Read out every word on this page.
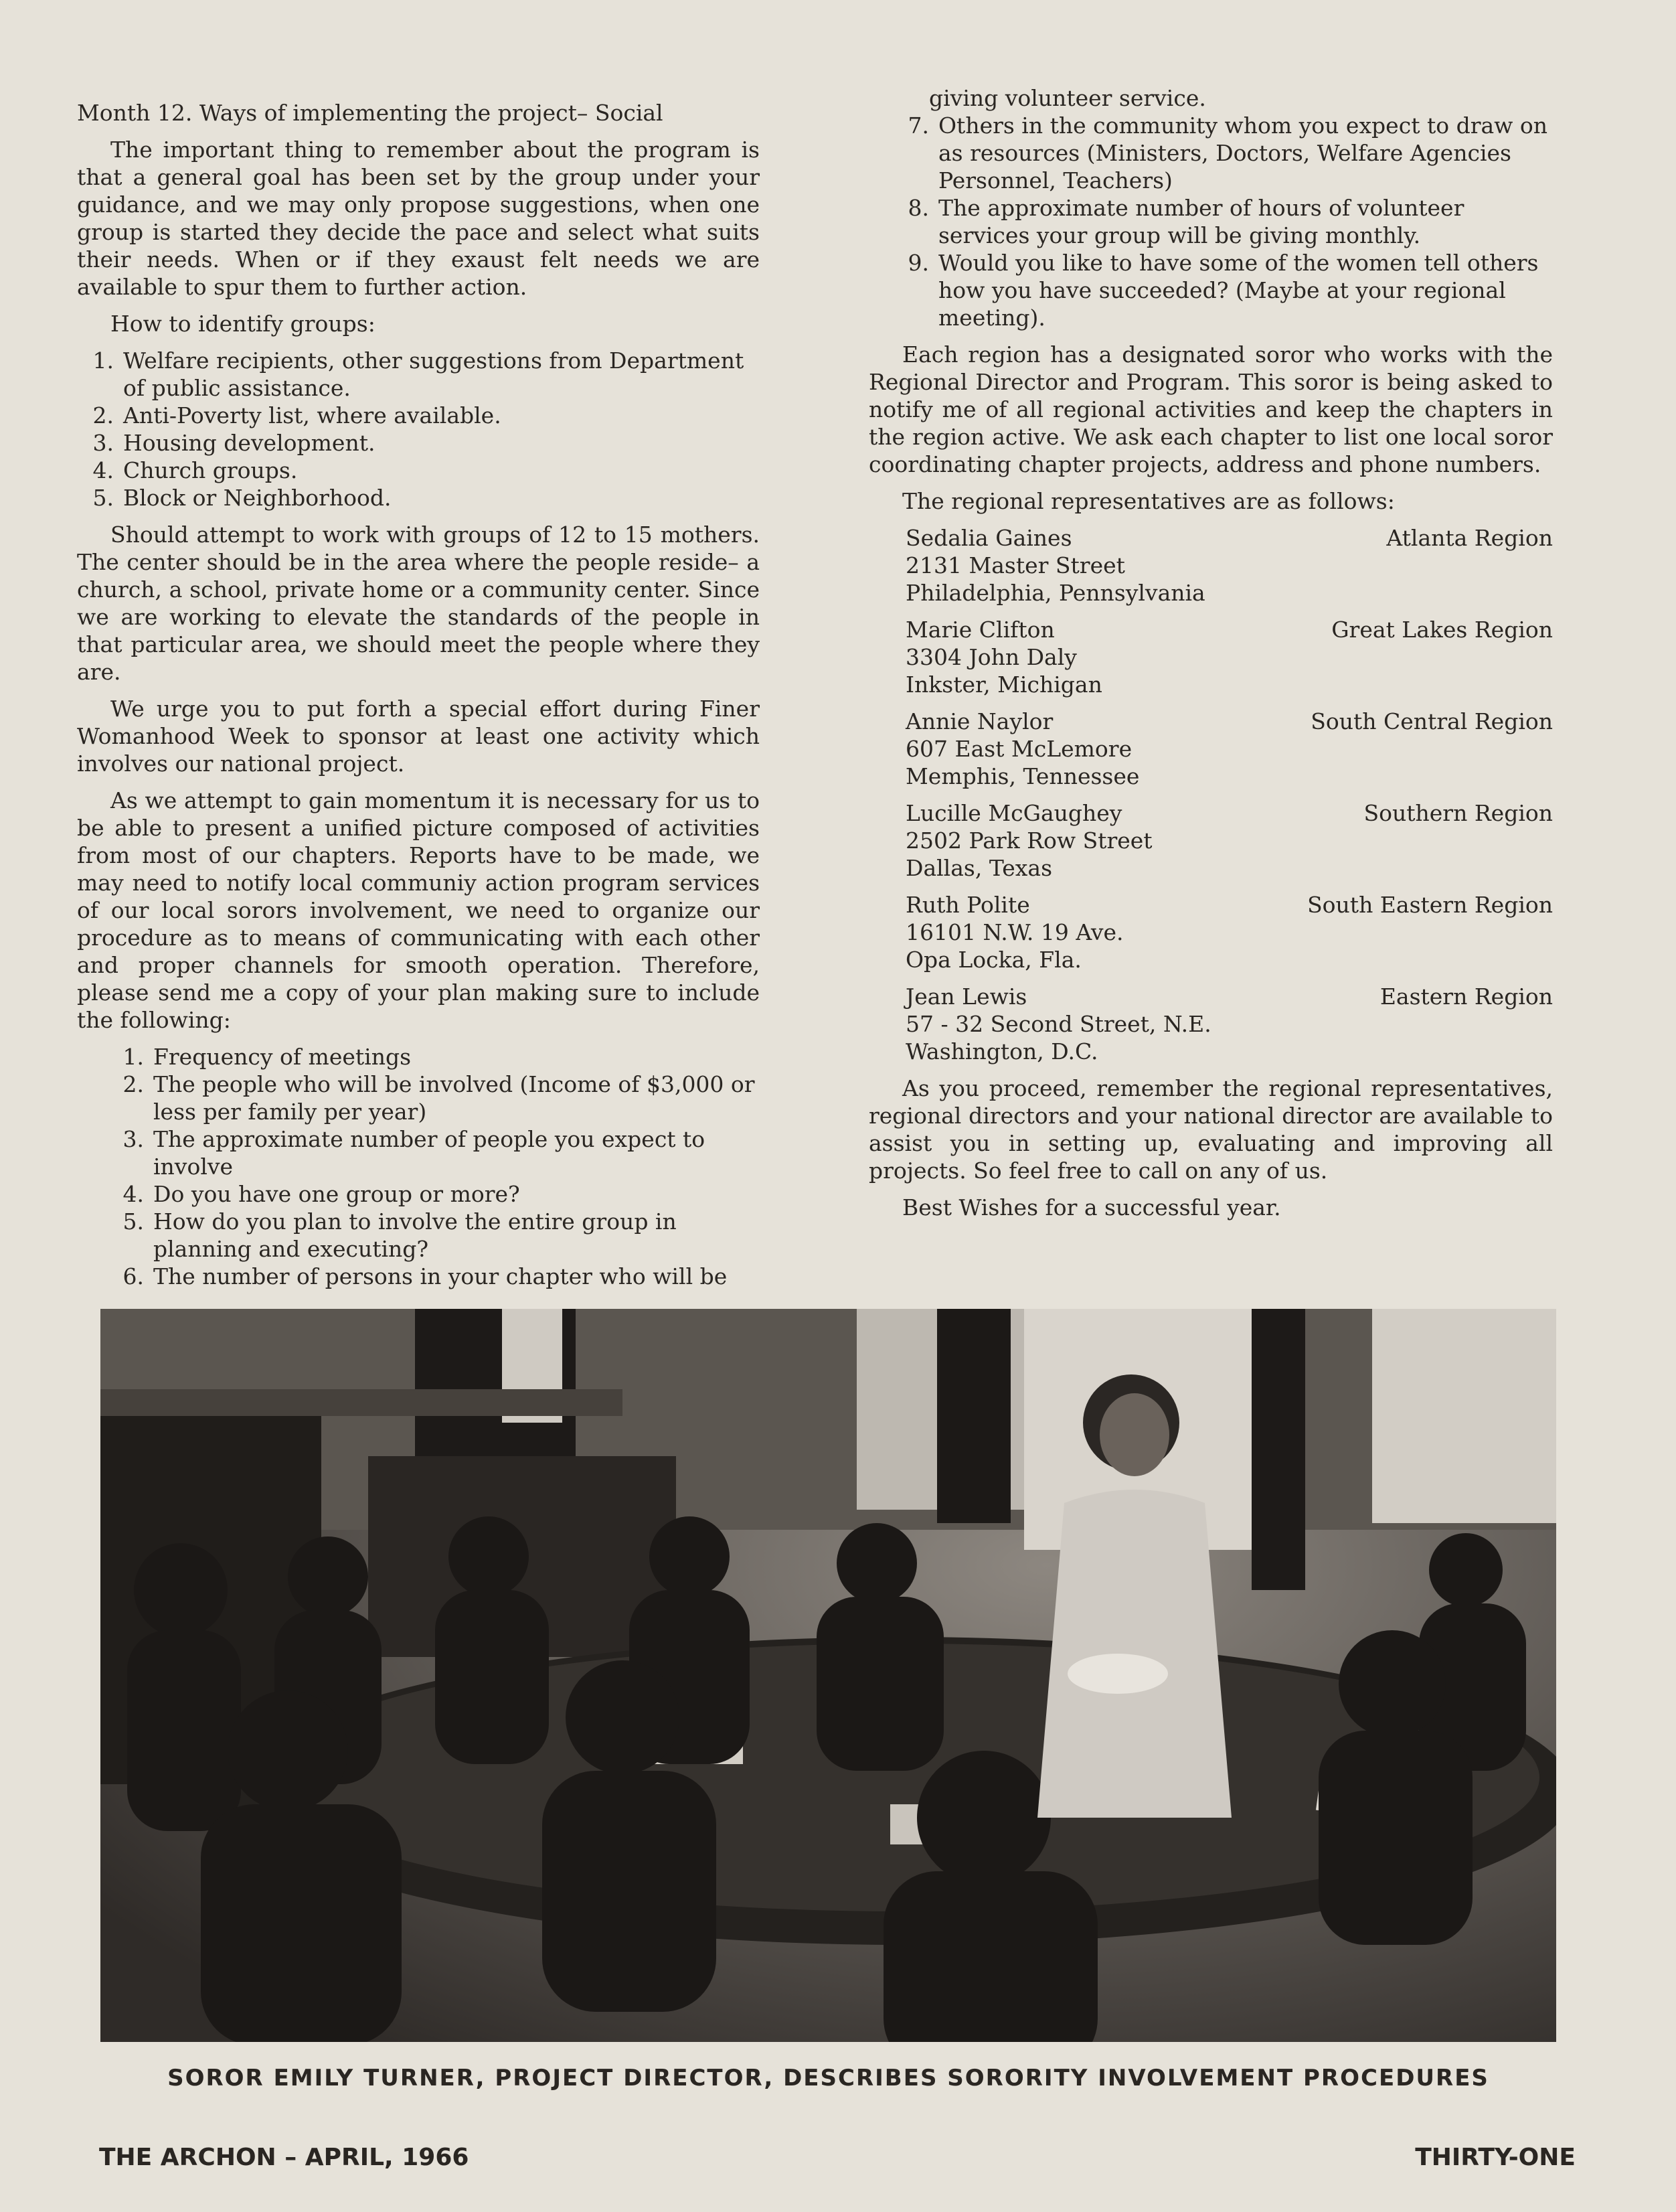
Month 12. Ways of implementing the project– Social

The important thing to remember about the program is that a general goal has been set by the group under your guidance, and we may only propose suggestions, when one group is started they decide the pace and select what suits their needs. When or if they exaust felt needs we are available to spur them to further action.

How to identify groups:

1. Welfare recipients, other suggestions from Department of public assistance.
2. Anti-Poverty list, where available.
3. Housing development.
4. Church groups.
5. Block or Neighborhood.

Should attempt to work with groups of 12 to 15 mothers. The center should be in the area where the people reside– a church, a school, private home or a community center. Since we are working to elevate the standards of the people in that particular area, we should meet the people where they are.

We urge you to put forth a special effort during Finer Womanhood Week to sponsor at least one activity which involves our national project.

As we attempt to gain momentum it is necessary for us to be able to present a unified picture composed of activities from most of our chapters. Reports have to be made, we may need to notify local communiy action program services of our local sorors involvement, we need to organize our procedure as to means of communicating with each other and proper channels for smooth operation. Therefore, please send me a copy of your plan making sure to include the following:

1. Frequency of meetings
2. The people who will be involved (Income of $3,000 or less per family per year)
3. The approximate number of people you expect to involve
4. Do you have one group or more?
5. How do you plan to involve the entire group in planning and executing?
6. The number of persons in your chapter who will be
giving volunteer service.
7. Others in the community whom you expect to draw on as resources (Ministers, Doctors, Welfare Agencies Personnel, Teachers)
8. The approximate number of hours of volunteer services your group will be giving monthly.
9. Would you like to have some of the women tell others how you have succeeded? (Maybe at your regional meeting).

Each region has a designated soror who works with the Regional Director and Program. This soror is being asked to notify me of all regional activities and keep the chapters in the region active. We ask each chapter to list one local soror coordinating chapter projects, address and phone numbers.

The regional representatives are as follows:

Sedalia Gaines
2131 Master Street
Philadelphia, Pennsylvania
Atlanta Region
Marie Clifton
3304 John Daly
Inkster, Michigan
Great Lakes Region
Annie Naylor
607 East McLemore
Memphis, Tennessee
South Central Region
Lucille McGaughey
2502 Park Row Street
Dallas, Texas
Southern Region
Ruth Polite
16101 N.W. 19 Ave.
Opa Locka, Fla.
South Eastern Region
Jean Lewis
57 - 32 Second Street, N.E.
Washington, D.C.
Eastern Region

As you proceed, remember the regional representatives, regional directors and your national director are available to assist you in setting up, evaluating and improving all projects. So feel free to call on any of us.

Best Wishes for a successful year.

SOROR EMILY TURNER, PROJECT DIRECTOR, DESCRIBES SORORITY INVOLVEMENT PROCEDURES
THE ARCHON – APRIL, 1966	THIRTY-ONE
